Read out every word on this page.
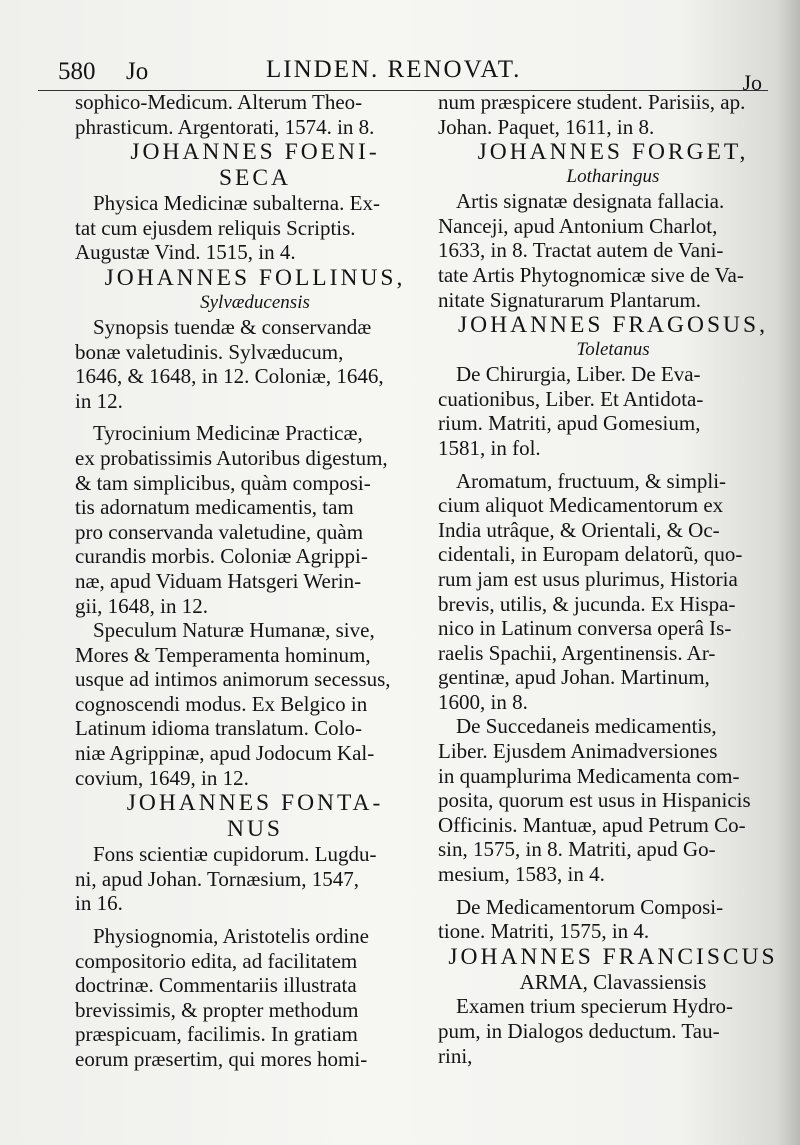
580 Jo	LINDEN. RENOVAT.	Jo
sophico-Medicum. Alterum Theo-
phrasticum. Argentorati, 1574. in 8.
JOHANNES FOENI-
SECA
Physica Medicinæ subalterna. Ex-
tat cum ejusdem reliquis Scriptis.
Augustæ Vind. 1515, in 4.
JOHANNES FOLLINUS,
Sylvæducensis
Synopsis tuendæ & conservandæ
bonæ valetudinis. Sylvæducum,
1646, & 1648, in 12. Coloniæ, 1646,
in 12.
Tyrocinium Medicinæ Practicæ,
ex probatissimis Autoribus digestum,
& tam simplicibus, quàm composi-
tis adornatum medicamentis, tam
pro conservanda valetudine, quàm
curandis morbis. Coloniæ Agrippi-
næ, apud Viduam Hatsgeri Werin-
gii, 1648, in 12.
Speculum Naturæ Humanæ, sive,
Mores & Temperamenta hominum,
usque ad intimos animorum secessus,
cognoscendi modus. Ex Belgico in
Latinum idioma translatum. Colo-
niæ Agrippinæ, apud Jodocum Kal-
covium, 1649, in 12.
JOHANNES FONTA-
NUS
Fons scientiæ cupidorum. Lugdu-
ni, apud Johan. Tornæsium, 1547,
in 16.
Physiognomia, Aristotelis ordine
compositorio edita, ad facilitatem
doctrinæ. Commentariis illustrata
brevissimis, & propter methodum
præspicuam, facilimis. In gratiam
eorum præsertim, qui mores homi-
num præspicere student. Parisiis, ap.
Johan. Paquet, 1611, in 8.
JOHANNES FORGET,
Lotharingus
Artis signatæ designata fallacia.
Nanceji, apud Antonium Charlot,
1633, in 8. Tractat autem de Vani-
tate Artis Phytognomicæ sive de Va-
nitate Signaturarum Plantarum.
JOHANNES FRAGOSUS,
Toletanus
De Chirurgia, Liber. De Eva-
cuationibus, Liber. Et Antidota-
rium. Matriti, apud Gomesium,
1581, in fol.
Aromatum, fructuum, & simpli-
cium aliquot Medicamentorum ex
India utrâque, & Orientali, & Oc-
cidentali, in Europam delatorũ, quo-
rum jam est usus plurimus, Historia
brevis, utilis, & jucunda. Ex Hispa-
nico in Latinum conversa operâ Is-
raelis Spachii, Argentinensis. Ar-
gentinæ, apud Johan. Martinum,
1600, in 8.
De Succedaneis medicamentis,
Liber. Ejusdem Animadversiones
in quamplurima Medicamenta com-
posita, quorum est usus in Hispanicis
Officinis. Mantuæ, apud Petrum Co-
sin, 1575, in 8. Matriti, apud Go-
mesium, 1583, in 4.
De Medicamentorum Composi-
tione. Matriti, 1575, in 4.
JOHANNES FRANCISCUS
ARMA, Clavassiensis
Examen trium specierum Hydro-
pum, in Dialogos deductum. Tau-
rini,
